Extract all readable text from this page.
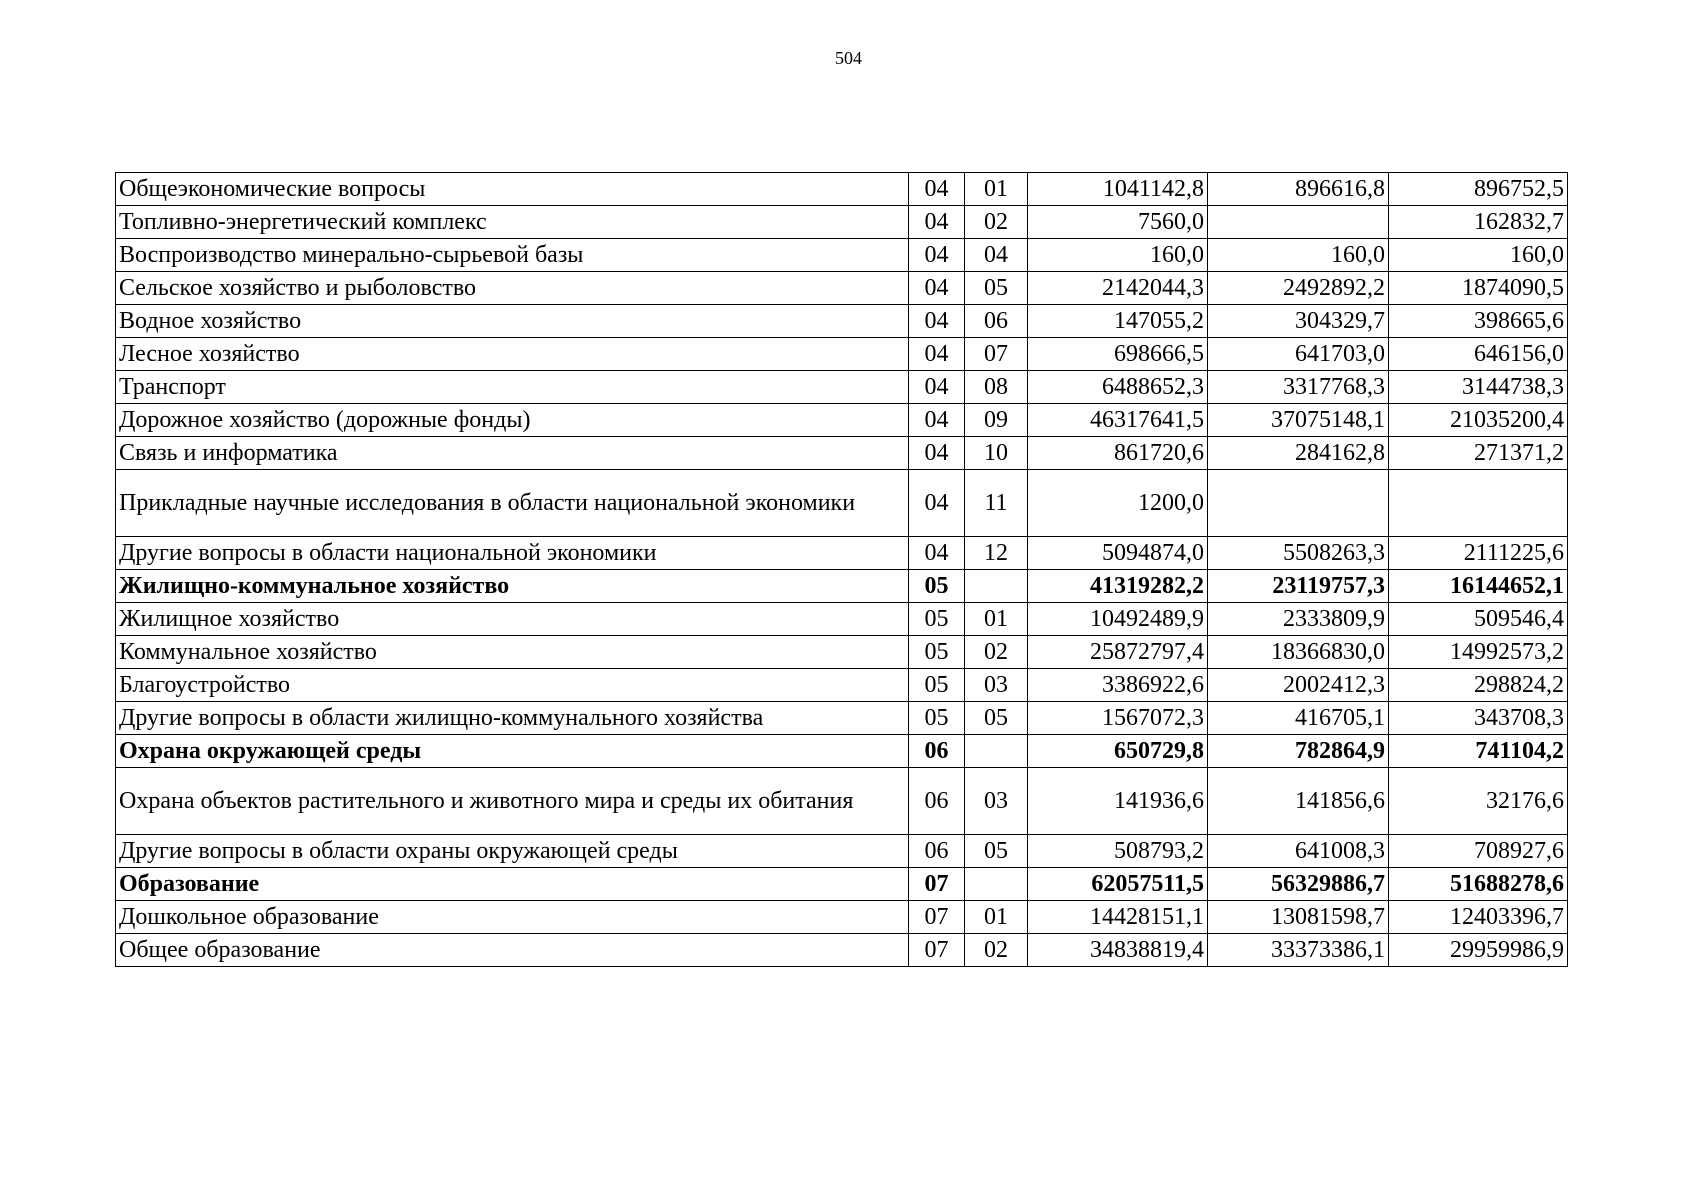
504
Общеэкономические вопросы	04	01	1041142,8	896616,8	896752,5
Топливно-энергетический комплекс	04	02	7560,0		162832,7
Воспроизводство минерально-сырьевой базы	04	04	160,0	160,0	160,0
Сельское хозяйство и рыболовство	04	05	2142044,3	2492892,2	1874090,5
Водное хозяйство	04	06	147055,2	304329,7	398665,6
Лесное хозяйство	04	07	698666,5	641703,0	646156,0
Транспорт	04	08	6488652,3	3317768,3	3144738,3
Дорожное хозяйство (дорожные фонды)	04	09	46317641,5	37075148,1	21035200,4
Связь и информатика	04	10	861720,6	284162,8	271371,2
Прикладные научные исследования в области национальной экономики	04	11	1200,0		
Другие вопросы в области национальной экономики	04	12	5094874,0	5508263,3	2111225,6
Жилищно-коммунальное хозяйство	05		41319282,2	23119757,3	16144652,1
Жилищное хозяйство	05	01	10492489,9	2333809,9	509546,4
Коммунальное хозяйство	05	02	25872797,4	18366830,0	14992573,2
Благоустройство	05	03	3386922,6	2002412,3	298824,2
Другие вопросы в области жилищно-коммунального хозяйства	05	05	1567072,3	416705,1	343708,3
Охрана окружающей среды	06		650729,8	782864,9	741104,2
Охрана объектов растительного и животного мира и среды их обитания	06	03	141936,6	141856,6	32176,6
Другие вопросы в области охраны окружающей среды	06	05	508793,2	641008,3	708927,6
Образование	07		62057511,5	56329886,7	51688278,6
Дошкольное образование	07	01	14428151,1	13081598,7	12403396,7
Общее образование	07	02	34838819,4	33373386,1	29959986,9
